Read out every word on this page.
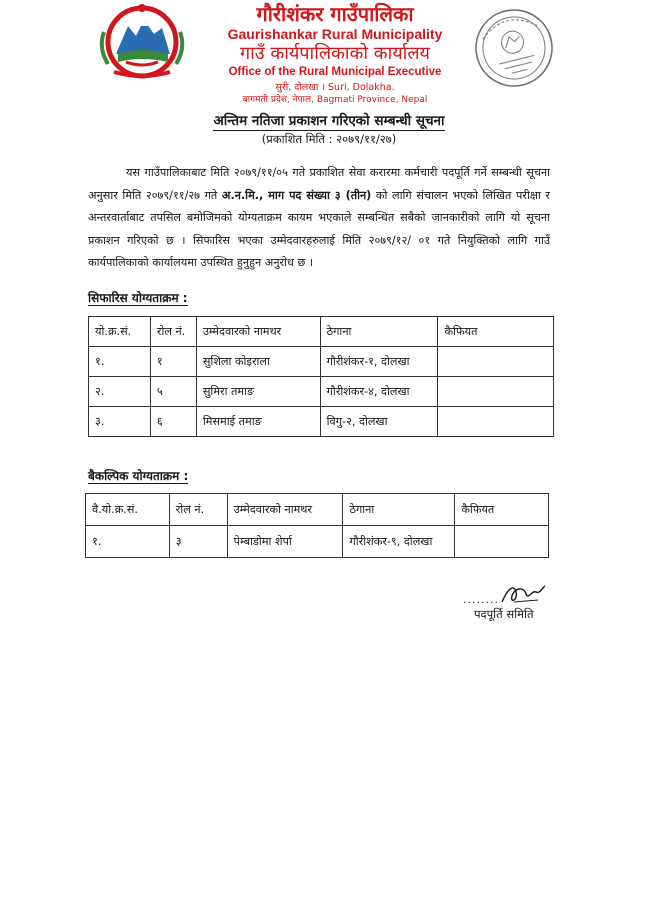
गौरीशंकर गाउँपालिका
Gaurishankar Rural Municipality
गाउँ कार्यपालिकाको कार्यालय
Office of the Rural Municipal Executive
सुरी, दोलखा । Suri, Dolakha.
बागमती प्रदेश, नेपाल, Bagmati Province, Nepal
अन्तिम नतिजा प्रकाशन गरिएको सम्बन्धी सूचना
(प्रकाशित मिति : २०७९/११/२७)
यस गाउँपालिकाबाट मिति २०७९/११/०५ गते प्रकाशित सेवा करारमा कर्मचारी पदपूर्ति गर्ने सम्बन्धी सूचना अनुसार मिति २०७९/११/२७ गते अ.न.मि., माग पद संख्या ३ (तीन) को लागि संचालन भएको लिखित परीक्षा र अन्तरवार्ताबाट तपसिल बमोजिमको योग्यताक्रम कायम भएकाले सम्बन्धित सबैको जानकारीको लागि यो सूचना प्रकाशन गरिएको छ । सिफारिस भएका उम्मेदवारहरुलाई मिति २०७९/१२/ ०१ गते नियुक्तिको लागि गाउँ कार्यपालिकाको कार्यालयमा उपस्थित हुनुहुन अनुरोध छ ।
सिफारिस योग्यताक्रम :
यो.क्र.सं.	रोल नं.	उम्मेदवारको नामथर	ठेगाना	कैफियत
१.	१	सुशिला कोइराला	गौरीशंकर-१, दोलखा	
२.	५	सुमिरा तमाङ	गौरीशंकर-४, दोलखा	
३.	६	मिसमाई तमाङ	विगु-२, दोलखा	
बैकल्पिक योग्यताक्रम :
वै.यो.क्र.सं.	रोल नं.	उम्मेदवारको नामथर	ठेगाना	कैफियत
१.	३	पेम्बाडोमा शेर्पा	गौरीशंकर-९, दोलखा	
........
पदपूर्ति समिति
